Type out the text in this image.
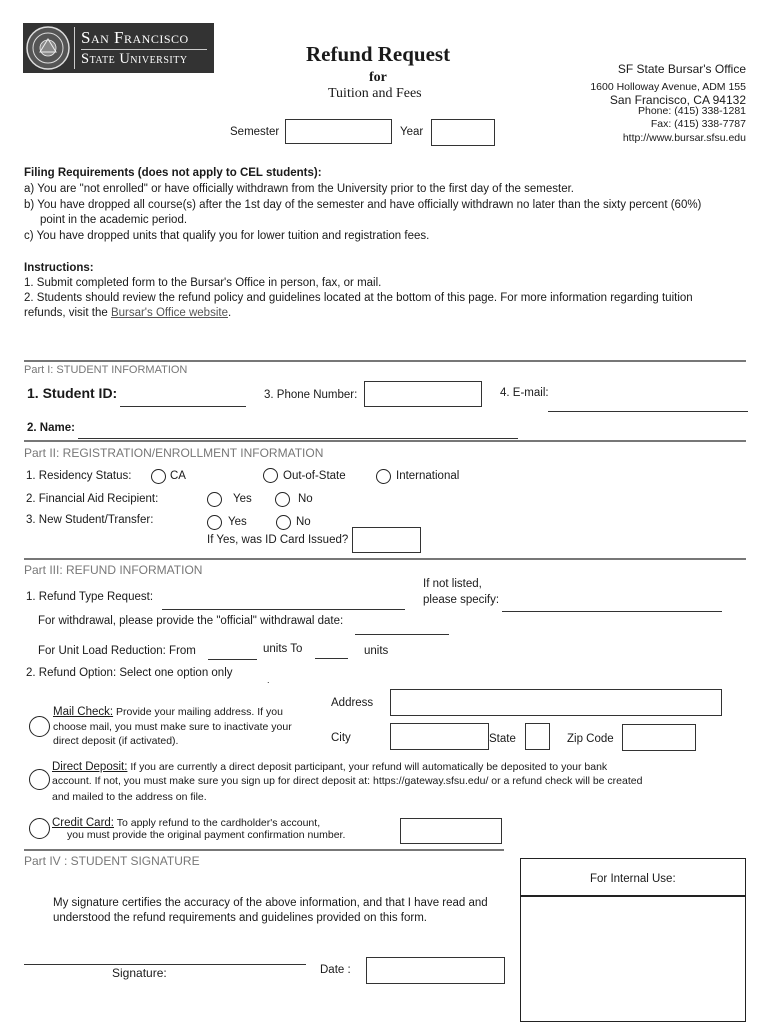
San Francisco
State University	Refund Request
for
Tuition and Fees
Semester	Year
SF State Bursar's Office
1600 Holloway Avenue, ADM 155
San Francisco, CA 94132
Phone: (415) 338-1281
Fax: (415) 338-7787
http://www.bursar.sfsu.edu
Filing Requirements (does not apply to CEL students):
a) You are "not enrolled" or have officially withdrawn from the University prior to the first day of the semester.
b) You have dropped all course(s) after the 1st day of the semester and have officially withdrawn no later than the sixty percent (60%)
point in the academic period.
c) You have dropped units that qualify you for lower tuition and registration fees.
Instructions:
1. Submit completed form to the Bursar's Office in person, fax, or mail.
2. Students should review the refund policy and guidelines located at the bottom of this page. For more information regarding tuition
refunds, visit the Bursar's Office website.
Part I: STUDENT INFORMATION
1. Student ID:	3. Phone Number:	4. E-mail:
2. Name:
Part II: REGISTRATION/ENROLLMENT INFORMATION
1. Residency Status:	CA	Out-of-State	International
2. Financial Aid Recipient:	Yes	No
3. New Student/Transfer:	Yes	No
If Yes, was ID Card Issued?
Part III: REFUND INFORMATION
If not listed,
please specify:
1. Refund Type Request:
For withdrawal, please provide the "official" withdrawal date:
For Unit Load Reduction: From	units To	units
2. Refund Option: Select one option only
.
Mail Check: Provide your mailing address. If you
choose mail, you must make sure to inactivate your
direct deposit (if activated).
Address
City	State	Zip Code
Direct Deposit: If you are currently a direct deposit participant, your refund will automatically be deposited to your bank
account. If not, you must make sure you sign up for direct deposit at: https://gateway.sfsu.edu/ or a refund check will be created
and mailed to the address on file.
Credit Card: To apply refund to the cardholder's account,
you must provide the original payment confirmation number.
Part IV : STUDENT SIGNATURE
For Internal Use:
My signature certifies the accuracy of the above information, and that I have read and
understood the refund requirements and guidelines provided on this form.
Signature:	Date :
